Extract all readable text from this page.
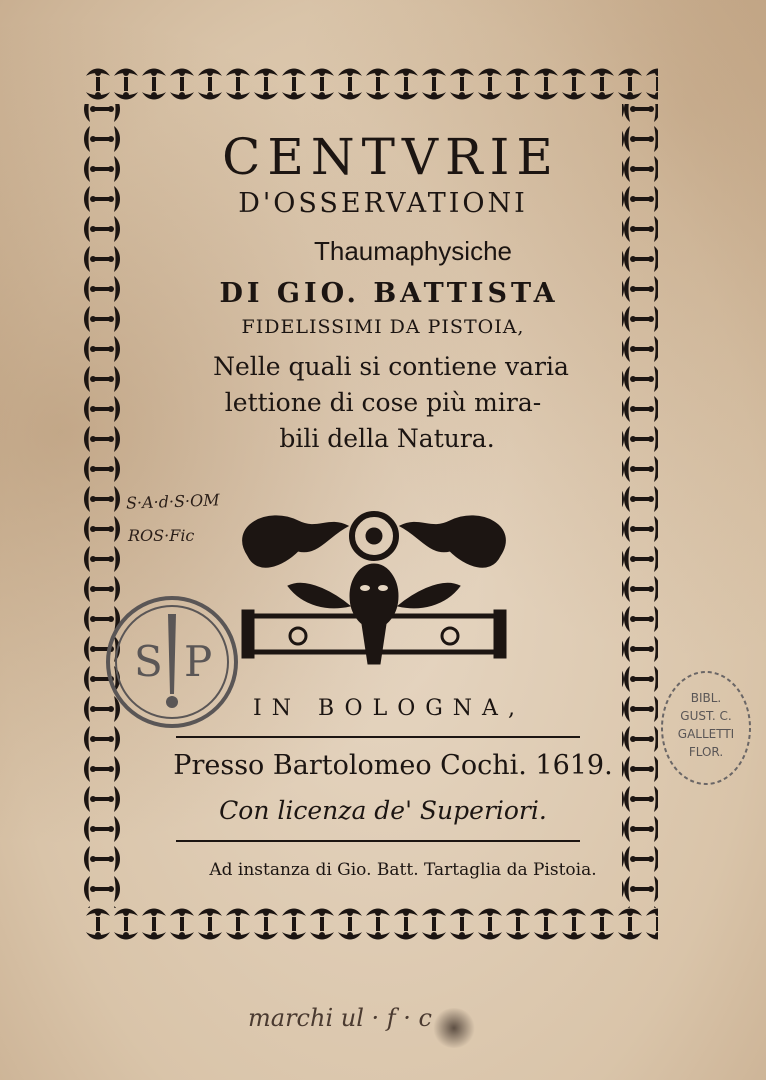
CENTVRIE
D'OSSERVATIONI
Thaumaphysiche
DI GIO. BATTISTA
FIDELISSIMI DA PISTOIA,
Nelle quali si contiene varia
lettione di cose più mira-
bili della Natura.
S·A·d·S·OM
ROS·Fic
S P
BIBL.
GUST. C.
GALLETTI
FLOR.
IN BOLOGNA,
Presso Bartolomeo Cochi. 1619.
Con licenza de' Superiori.
Ad instanza di Gio. Batt. Tartaglia da Pistoia.
marchi ul · f · c
